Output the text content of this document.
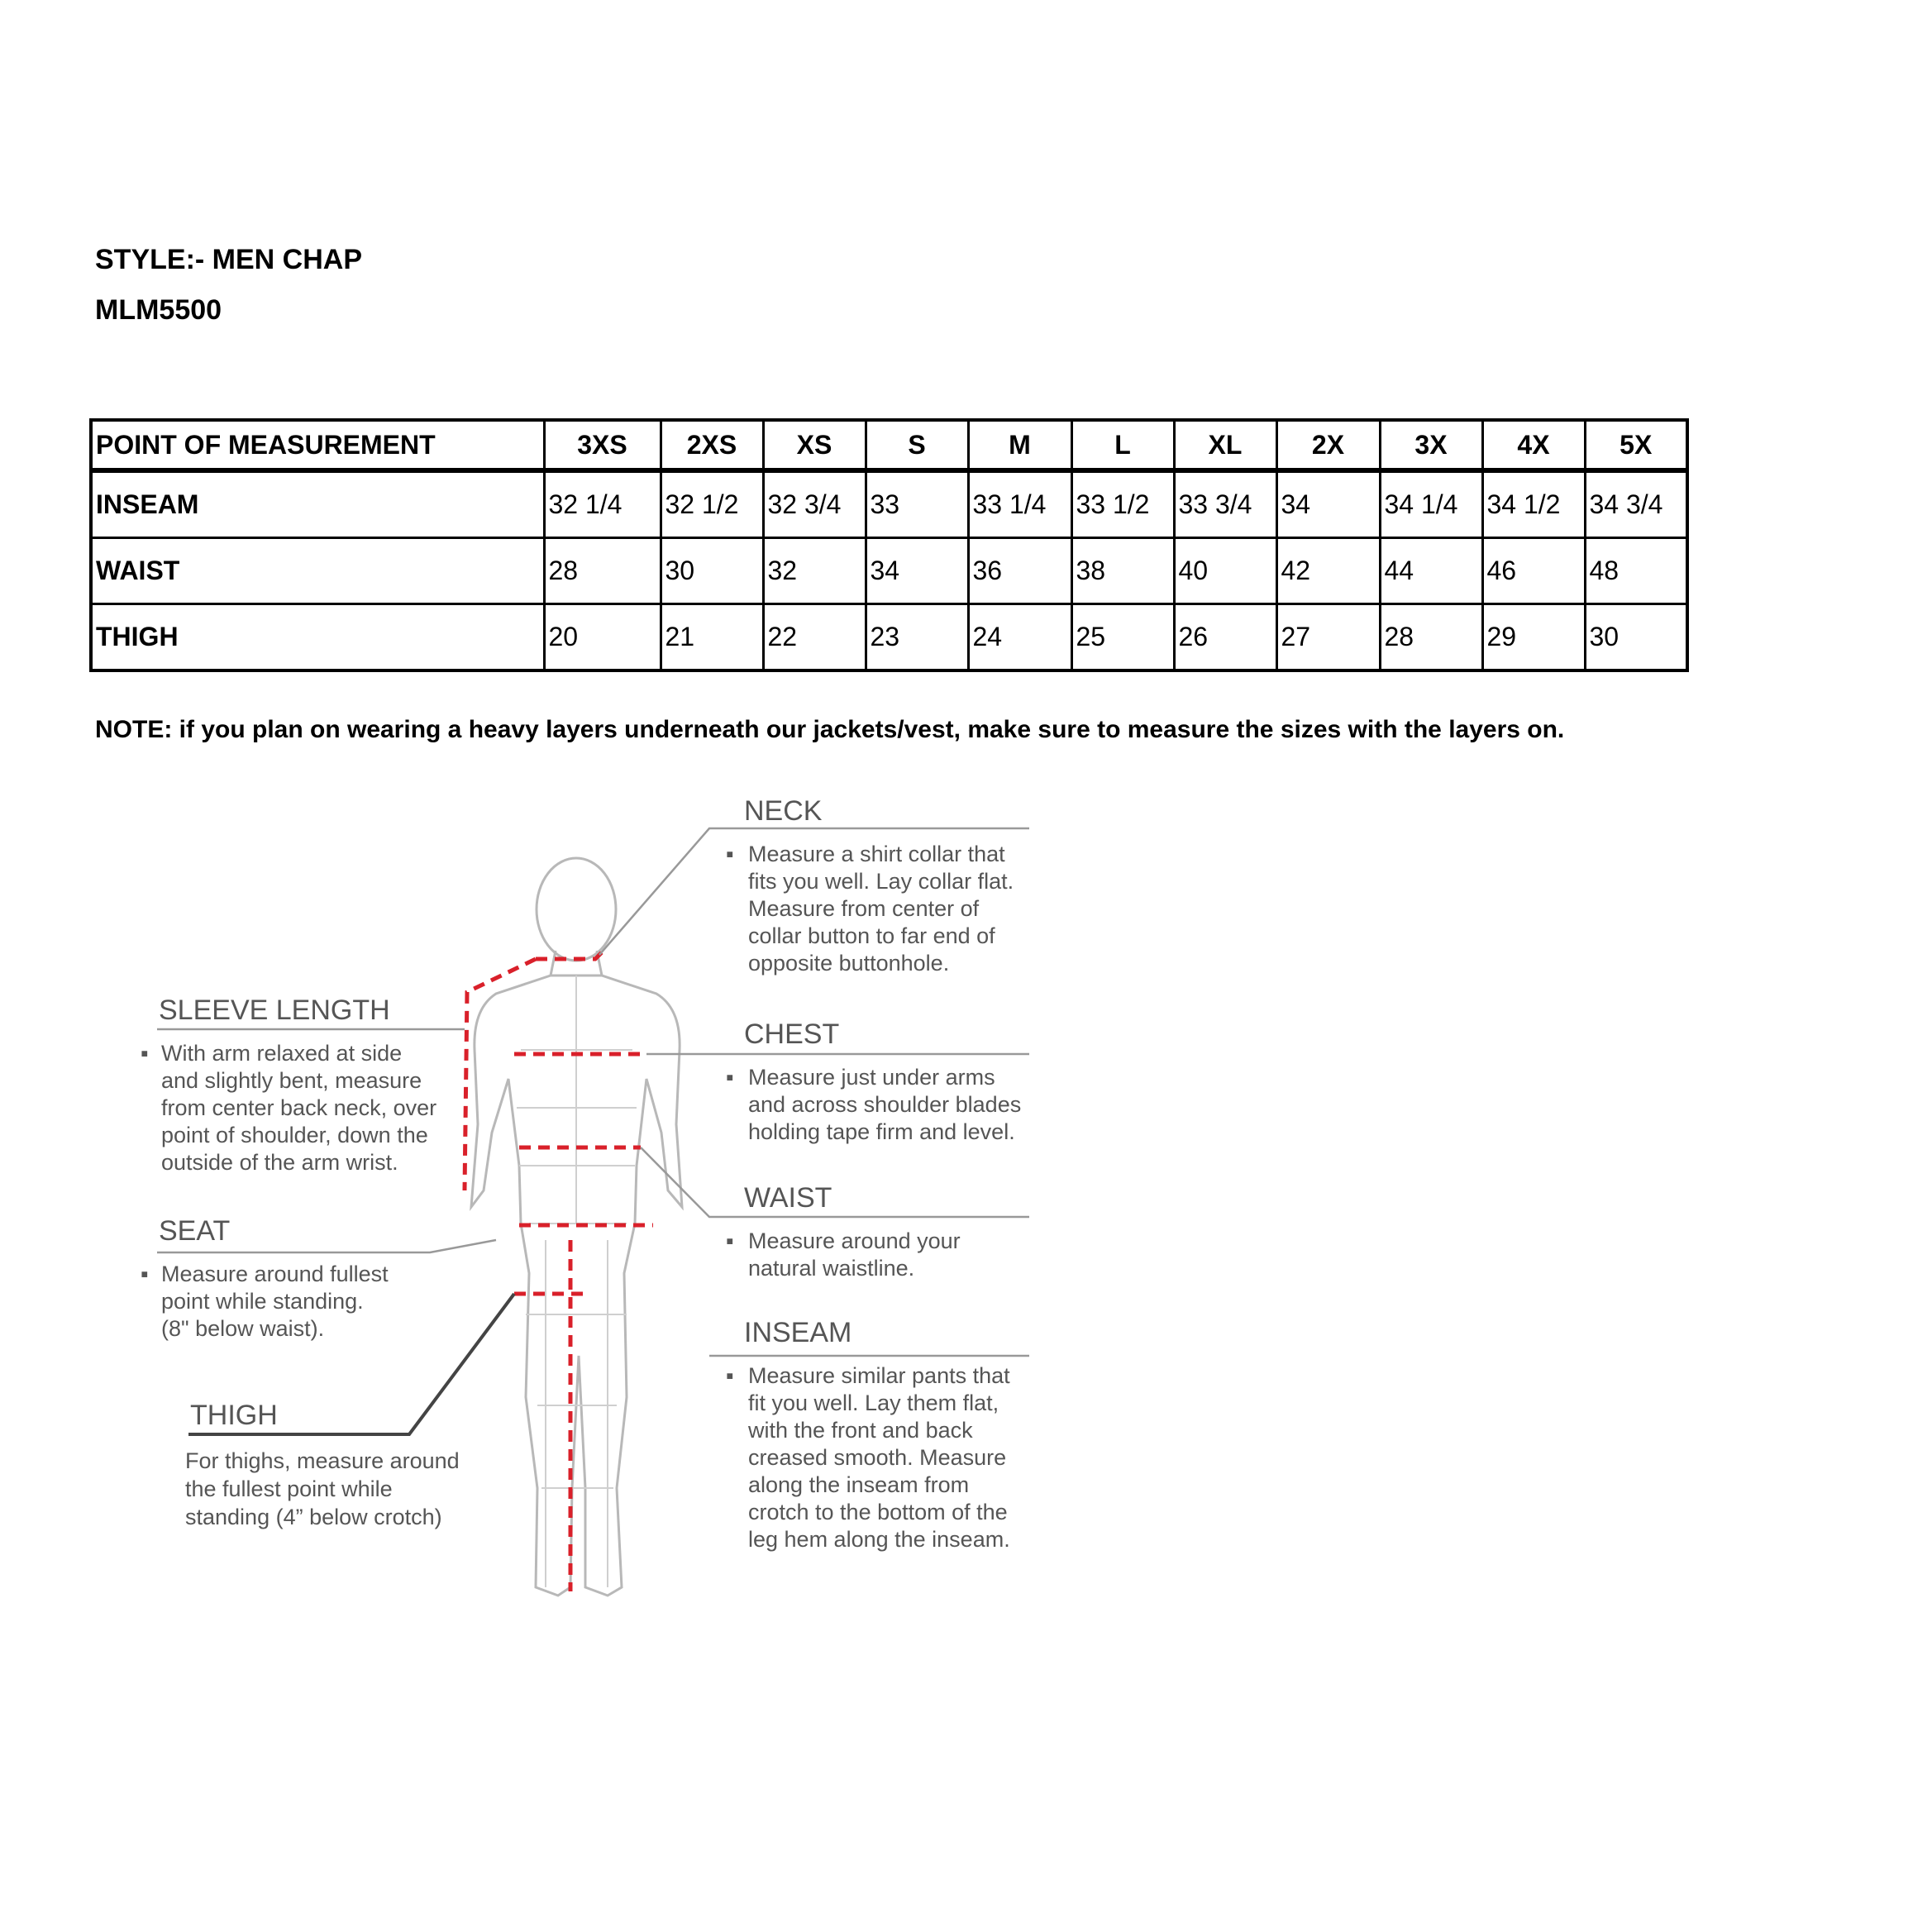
STYLE:- MEN CHAP
MLM5500
POINT OF MEASUREMENT	3XS	2XS	XS	S	M	L	XL	2X	3X	4X	5X
INSEAM	32 1/4	32 1/2	32 3/4	33	33 1/4	33 1/2	33 3/4	34	34 1/4	34 1/2	34 3/4
WAIST	28	30	32	34	36	38	40	42	44	46	48
THIGH	20	21	22	23	24	25	26	27	28	29	30
NOTE: if you plan on wearing a heavy layers underneath our jackets/vest, make sure to measure the sizes with the layers on.
NECK
▪ Measure a shirt collar that
fits you well. Lay collar flat.
Measure from center of
collar button to far end of
opposite buttonhole.
CHEST
▪ Measure just under arms
and across shoulder blades
holding tape firm and level.
WAIST
▪ Measure around your
natural waistline.
INSEAM
▪ Measure similar pants that
fit you well. Lay them flat,
with the front and back
creased smooth. Measure
along the inseam from
crotch to the bottom of the
leg hem along the inseam.
SLEEVE LENGTH
▪ With arm relaxed at side
and slightly bent, measure
from center back neck, over
point of shoulder, down the
outside of the arm wrist.
SEAT
▪ Measure around fullest
point while standing.
(8" below waist).
THIGH
For thighs, measure around
the fullest point while
standing (4” below crotch)
